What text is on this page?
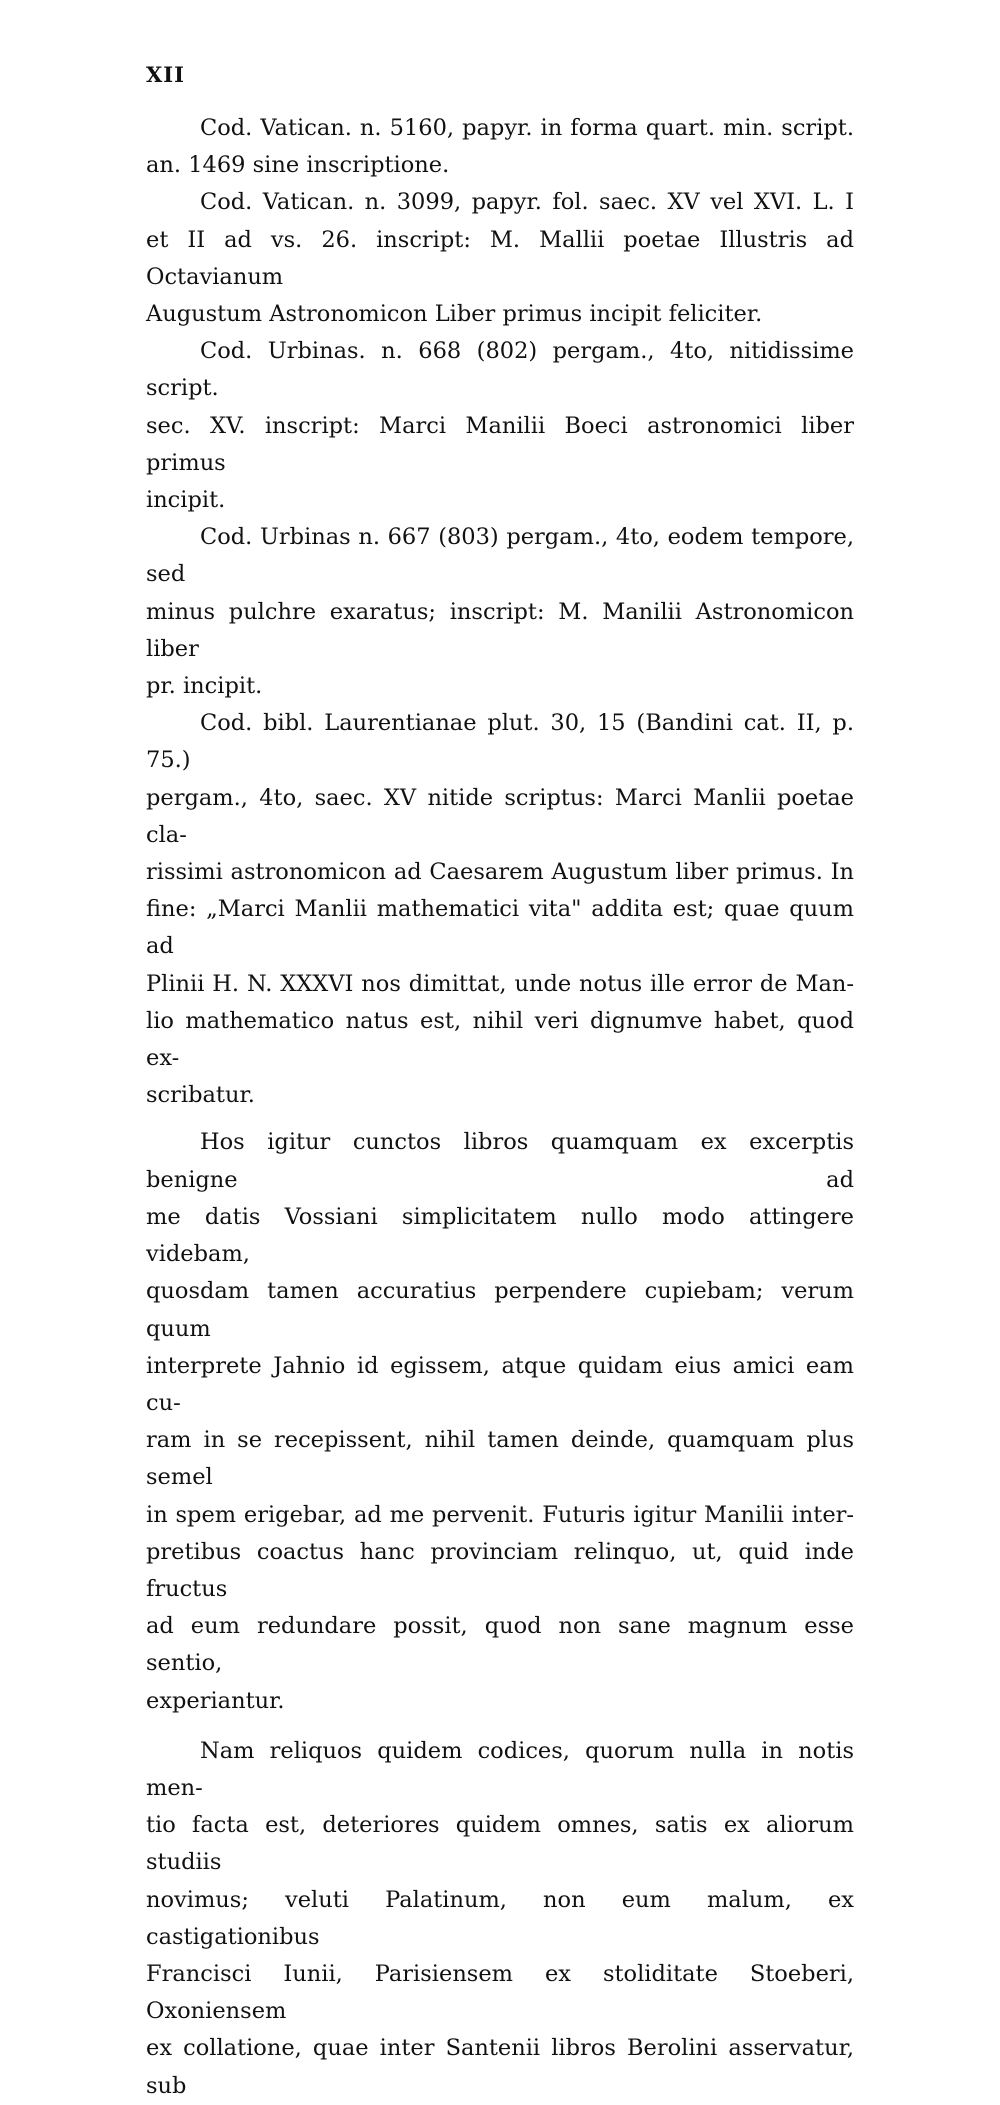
XII

Cod. Vatican. n. 5160, papyr. in forma quart. min. script.
an. 1469 sine inscriptione.

Cod. Vatican. n. 3099, papyr. fol. saec. XV vel XVI. L. I
et II ad vs. 26. inscript: M. Mallii poetae Illustris ad Octavianum
Augustum Astronomicon Liber primus incipit feliciter.

Cod. Urbinas. n. 668 (802) pergam., 4to, nitidissime script.
sec. XV. inscript: Marci Manilii Boeci astronomici liber primus
incipit.

Cod. Urbinas n. 667 (803) pergam., 4to, eodem tempore, sed
minus pulchre exaratus; inscript: M. Manilii Astronomicon liber
pr. incipit.

Cod. bibl. Laurentianae plut. 30, 15 (Bandini cat. II, p. 75.)
pergam., 4to, saec. XV nitide scriptus: Marci Manlii poetae cla-
rissimi astronomicon ad Caesarem Augustum liber primus. In
fine: „Marci Manlii mathematici vita" addita est; quae quum ad
Plinii H. N. XXXVI nos dimittat, unde notus ille error de Man-
lio mathematico natus est, nihil veri dignumve habet, quod ex-
scribatur.

Hos igitur cunctos libros quamquam ex excerptis benigne ad
me datis Vossiani simplicitatem nullo modo attingere videbam,
quosdam tamen accuratius perpendere cupiebam; verum quum
interprete Jahnio id egissem, atque quidam eius amici eam cu-
ram in se recepissent, nihil tamen deinde, quamquam plus semel
in spem erigebar, ad me pervenit. Futuris igitur Manilii inter-
pretibus coactus hanc provinciam relinquo, ut, quid inde fructus
ad eum redundare possit, quod non sane magnum esse sentio,
experiantur.

Nam reliquos quidem codices, quorum nulla in notis men-
tio facta est, deteriores quidem omnes, satis ex aliorum studiis
novimus; veluti Palatinum, non eum malum, ex castigationibus
Francisci Iunii, Parisiensem ex stoliditate Stoeberi, Oxoniensem
ex collatione, quae inter Santenii libros Berolini asservatur, sub
